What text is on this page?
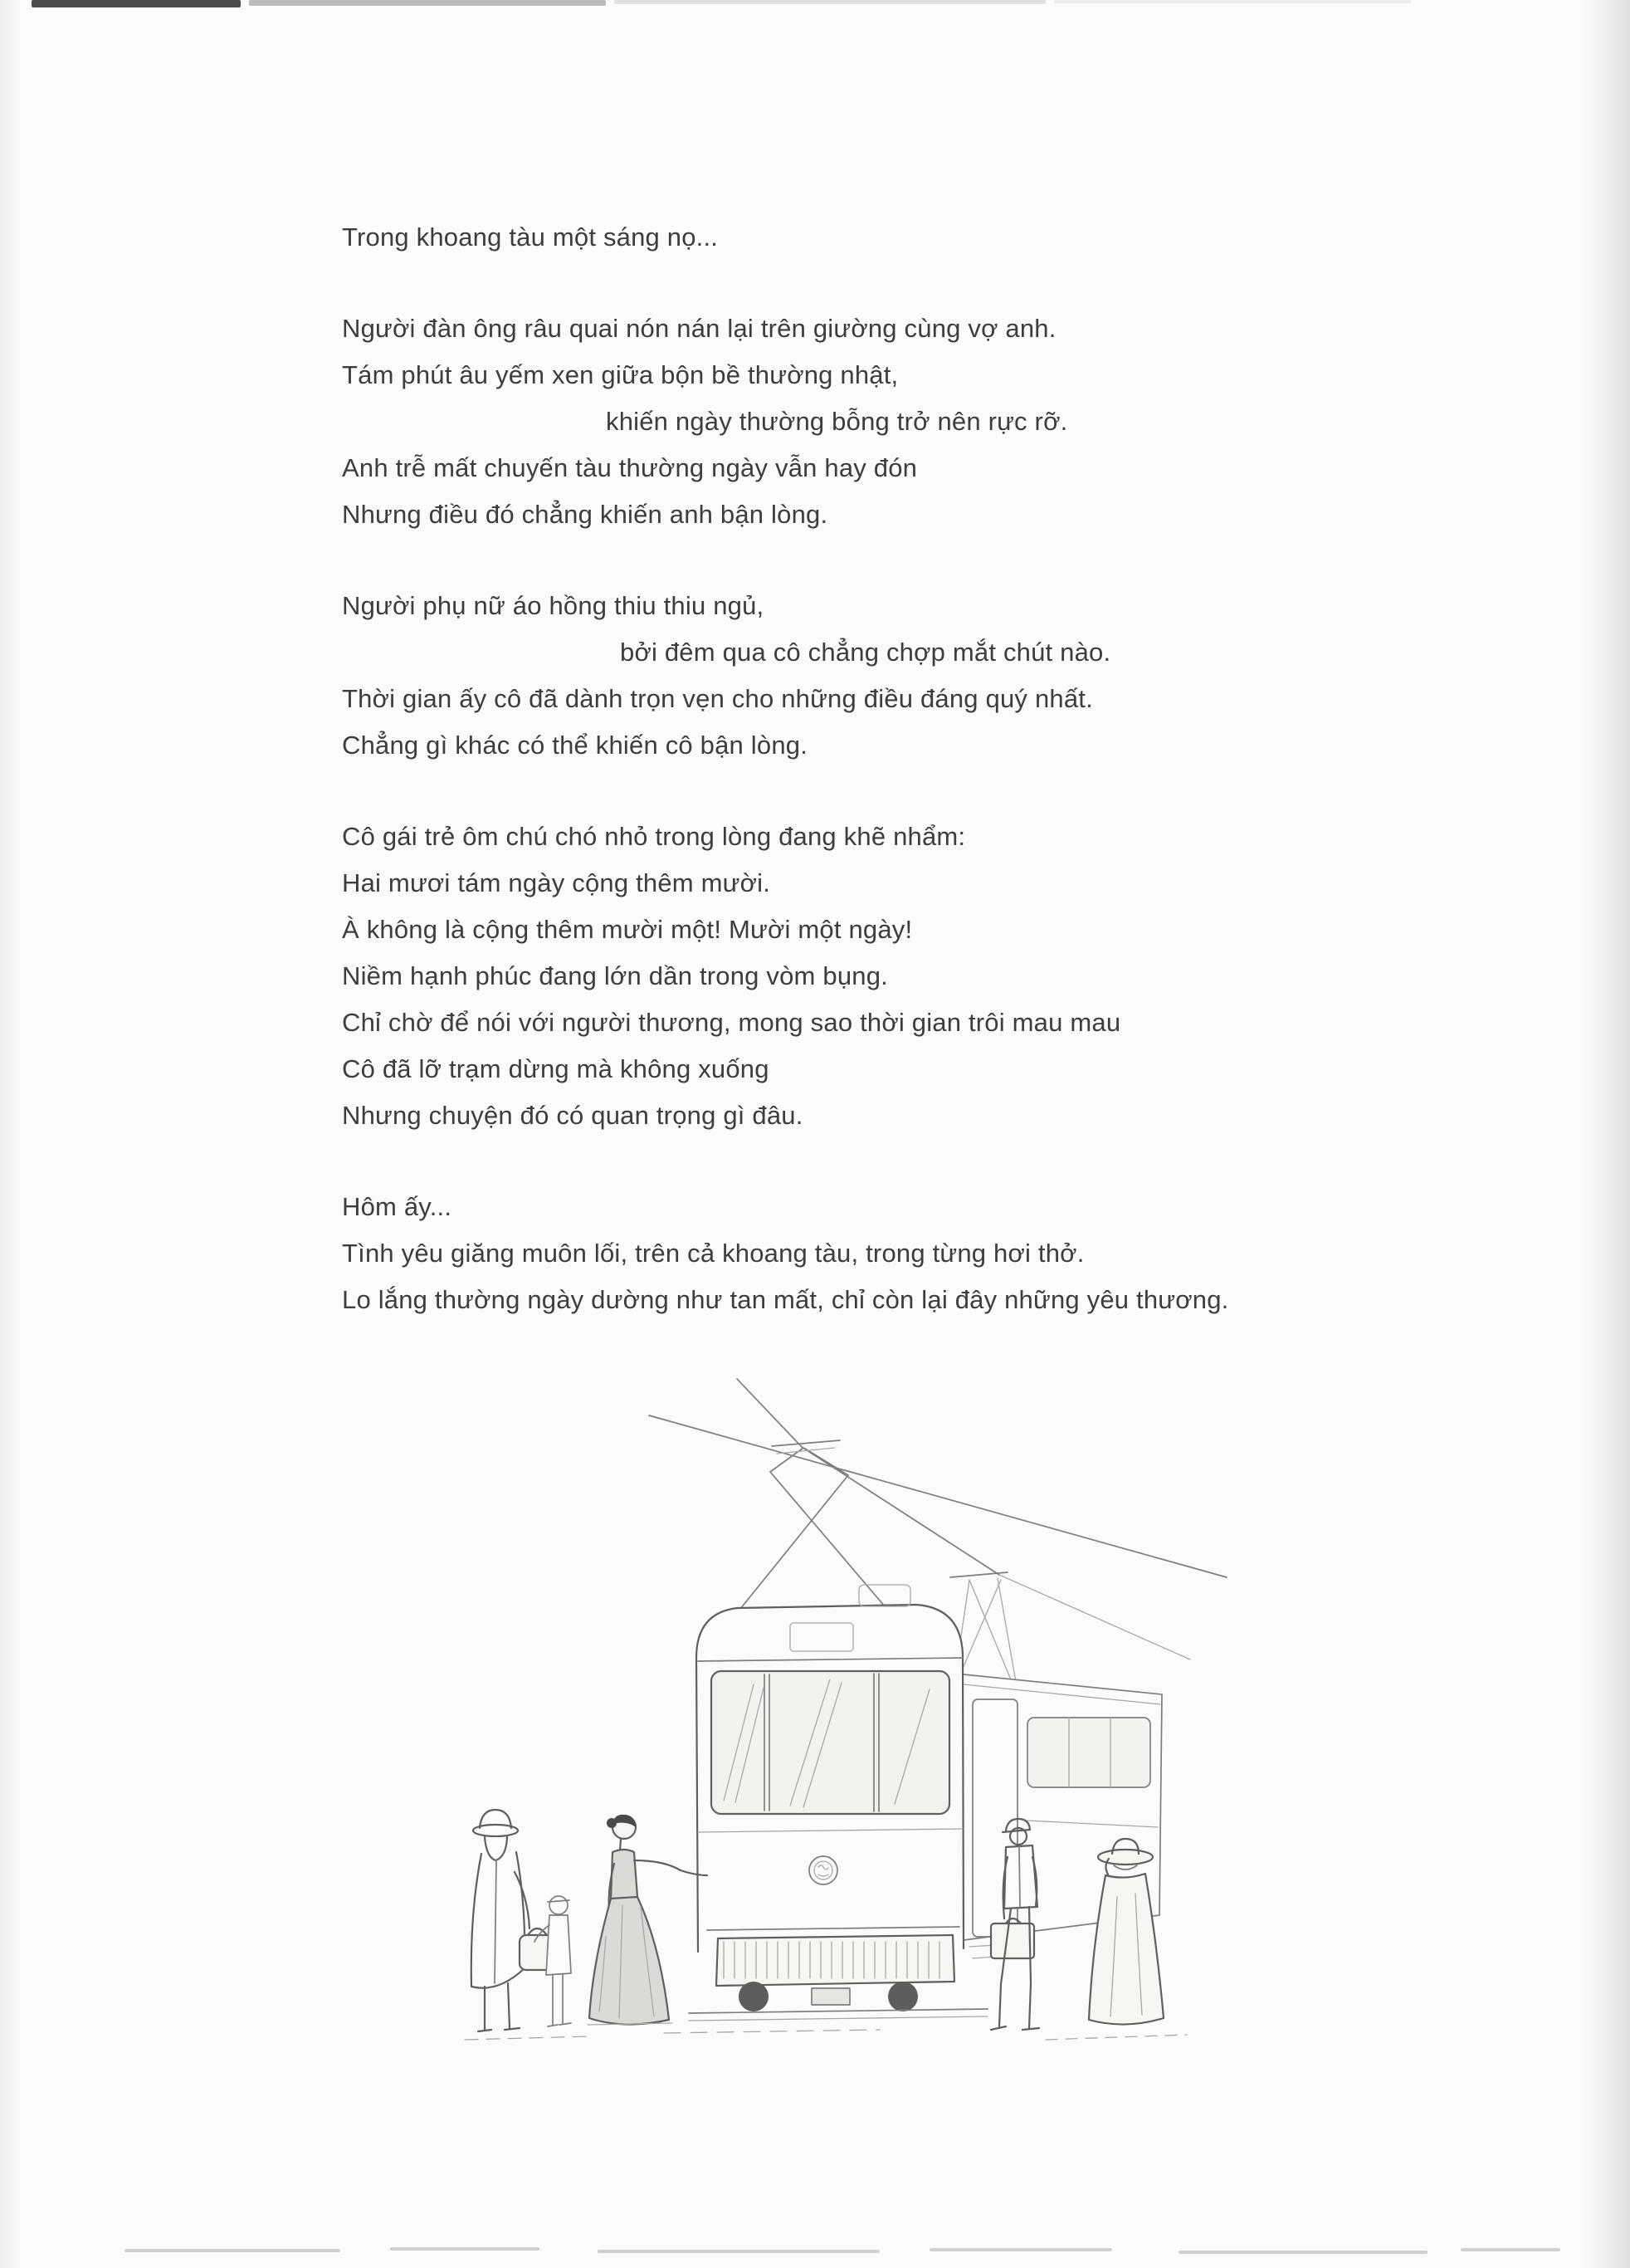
Trong khoang tàu một sáng nọ...

Người đàn ông râu quai nón nán lại trên giường cùng vợ anh.

Tám phút âu yếm xen giữa bộn bề thường nhật,

khiến ngày thường bỗng trở nên rực rỡ.

Anh trễ mất chuyến tàu thường ngày vẫn hay đón

Nhưng điều đó chẳng khiến anh bận lòng.

Người phụ nữ áo hồng thiu thiu ngủ,

bởi đêm qua cô chẳng chợp mắt chút nào.

Thời gian ấy cô đã dành trọn vẹn cho những điều đáng quý nhất.

Chẳng gì khác có thể khiến cô bận lòng.

Cô gái trẻ ôm chú chó nhỏ trong lòng đang khẽ nhẩm:

Hai mươi tám ngày cộng thêm mười.

À không là cộng thêm mười một! Mười một ngày!

Niềm hạnh phúc đang lớn dần trong vòm bụng.

Chỉ chờ để nói với người thương, mong sao thời gian trôi mau mau

Cô đã lỡ trạm dừng mà không xuống

Nhưng chuyện đó có quan trọng gì đâu.

Hôm ấy...

Tình yêu giăng muôn lối, trên cả khoang tàu, trong từng hơi thở.

Lo lắng thường ngày dường như tan mất, chỉ còn lại đây những yêu thương.
